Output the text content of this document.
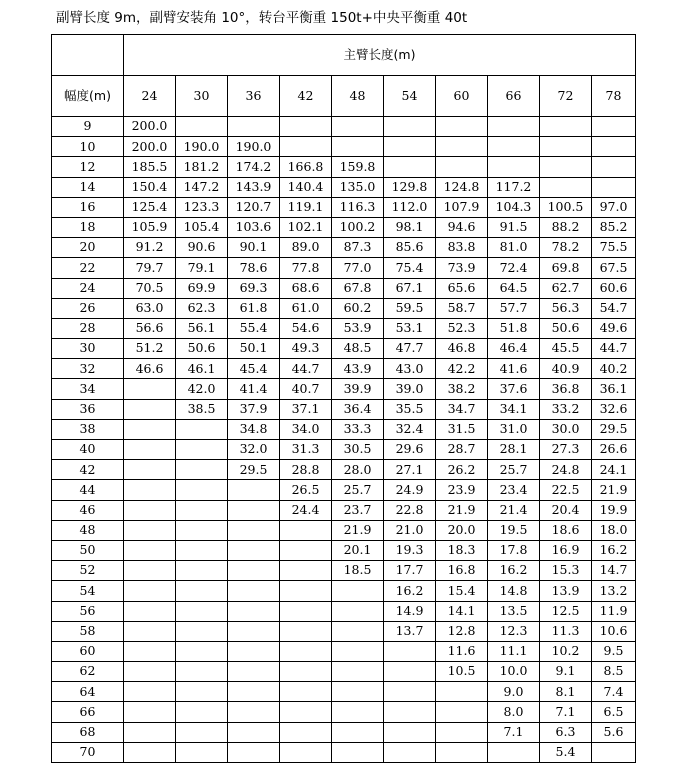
副臂长度 9m，副臂安装角 10°，转台平衡重 150t+中央平衡重 40t
	主臂长度(m)									
幅度(m)	24	30	36	42	48	54	60	66	72	78
9	200.0									
10	200.0	190.0	190.0							
12	185.5	181.2	174.2	166.8	159.8					
14	150.4	147.2	143.9	140.4	135.0	129.8	124.8	117.2		
16	125.4	123.3	120.7	119.1	116.3	112.0	107.9	104.3	100.5	97.0
18	105.9	105.4	103.6	102.1	100.2	98.1	94.6	91.5	88.2	85.2
20	91.2	90.6	90.1	89.0	87.3	85.6	83.8	81.0	78.2	75.5
22	79.7	79.1	78.6	77.8	77.0	75.4	73.9	72.4	69.8	67.5
24	70.5	69.9	69.3	68.6	67.8	67.1	65.6	64.5	62.7	60.6
26	63.0	62.3	61.8	61.0	60.2	59.5	58.7	57.7	56.3	54.7
28	56.6	56.1	55.4	54.6	53.9	53.1	52.3	51.8	50.6	49.6
30	51.2	50.6	50.1	49.3	48.5	47.7	46.8	46.4	45.5	44.7
32	46.6	46.1	45.4	44.7	43.9	43.0	42.2	41.6	40.9	40.2
34		42.0	41.4	40.7	39.9	39.0	38.2	37.6	36.8	36.1
36		38.5	37.9	37.1	36.4	35.5	34.7	34.1	33.2	32.6
38			34.8	34.0	33.3	32.4	31.5	31.0	30.0	29.5
40			32.0	31.3	30.5	29.6	28.7	28.1	27.3	26.6
42			29.5	28.8	28.0	27.1	26.2	25.7	24.8	24.1
44				26.5	25.7	24.9	23.9	23.4	22.5	21.9
46				24.4	23.7	22.8	21.9	21.4	20.4	19.9
48					21.9	21.0	20.0	19.5	18.6	18.0
50					20.1	19.3	18.3	17.8	16.9	16.2
52					18.5	17.7	16.8	16.2	15.3	14.7
54						16.2	15.4	14.8	13.9	13.2
56						14.9	14.1	13.5	12.5	11.9
58						13.7	12.8	12.3	11.3	10.6
60							11.6	11.1	10.2	9.5
62							10.5	10.0	9.1	8.5
64								9.0	8.1	7.4
66								8.0	7.1	6.5
68								7.1	6.3	5.6
70									5.4	
